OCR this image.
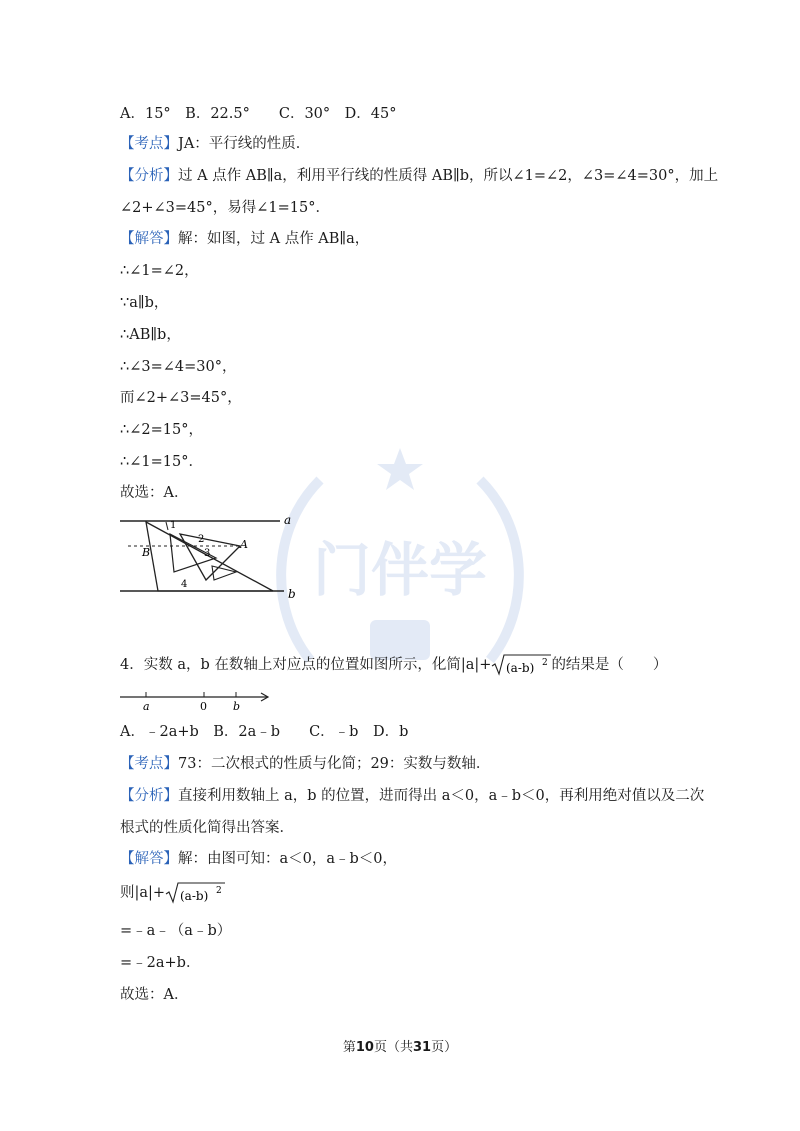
门伴学
A．15°　B．22.5°　　C．30°　D．45°
【考点】JA：平行线的性质．
【分析】过 A 点作 AB∥a，利用平行线的性质得 AB∥b，所以∠1=∠2，∠3=∠4=30°，加上
∠2+∠3=45°，易得∠1=15°．
【解答】解：如图，过 A 点作 AB∥a，
∴∠1=∠2，
∵a∥b，
∴AB∥b，
∴∠3=∠4=30°，
而∠2+∠3=45°，
∴∠2=15°，
∴∠1=15°．
故选：A．
a
b
A
B
1
2
3
4
4．实数 a，b 在数轴上对应点的位置如图所示，化简|a|+ (a-b) 2 的结果是（　　）
a	0 b
A．﹣2a+b　B．2a﹣b　　C．﹣b　D．b
【考点】73：二次根式的性质与化简；29：实数与数轴．
【分析】直接利用数轴上 a，b 的位置，进而得出 a＜0，a﹣b＜0，再利用绝对值以及二次
根式的性质化简得出答案．
【解答】解：由图可知：a＜0，a﹣b＜0，
则|a|+ (a-b) 2
=﹣a﹣（a﹣b）
=﹣2a+b．
故选：A．
第10页（共31页）
